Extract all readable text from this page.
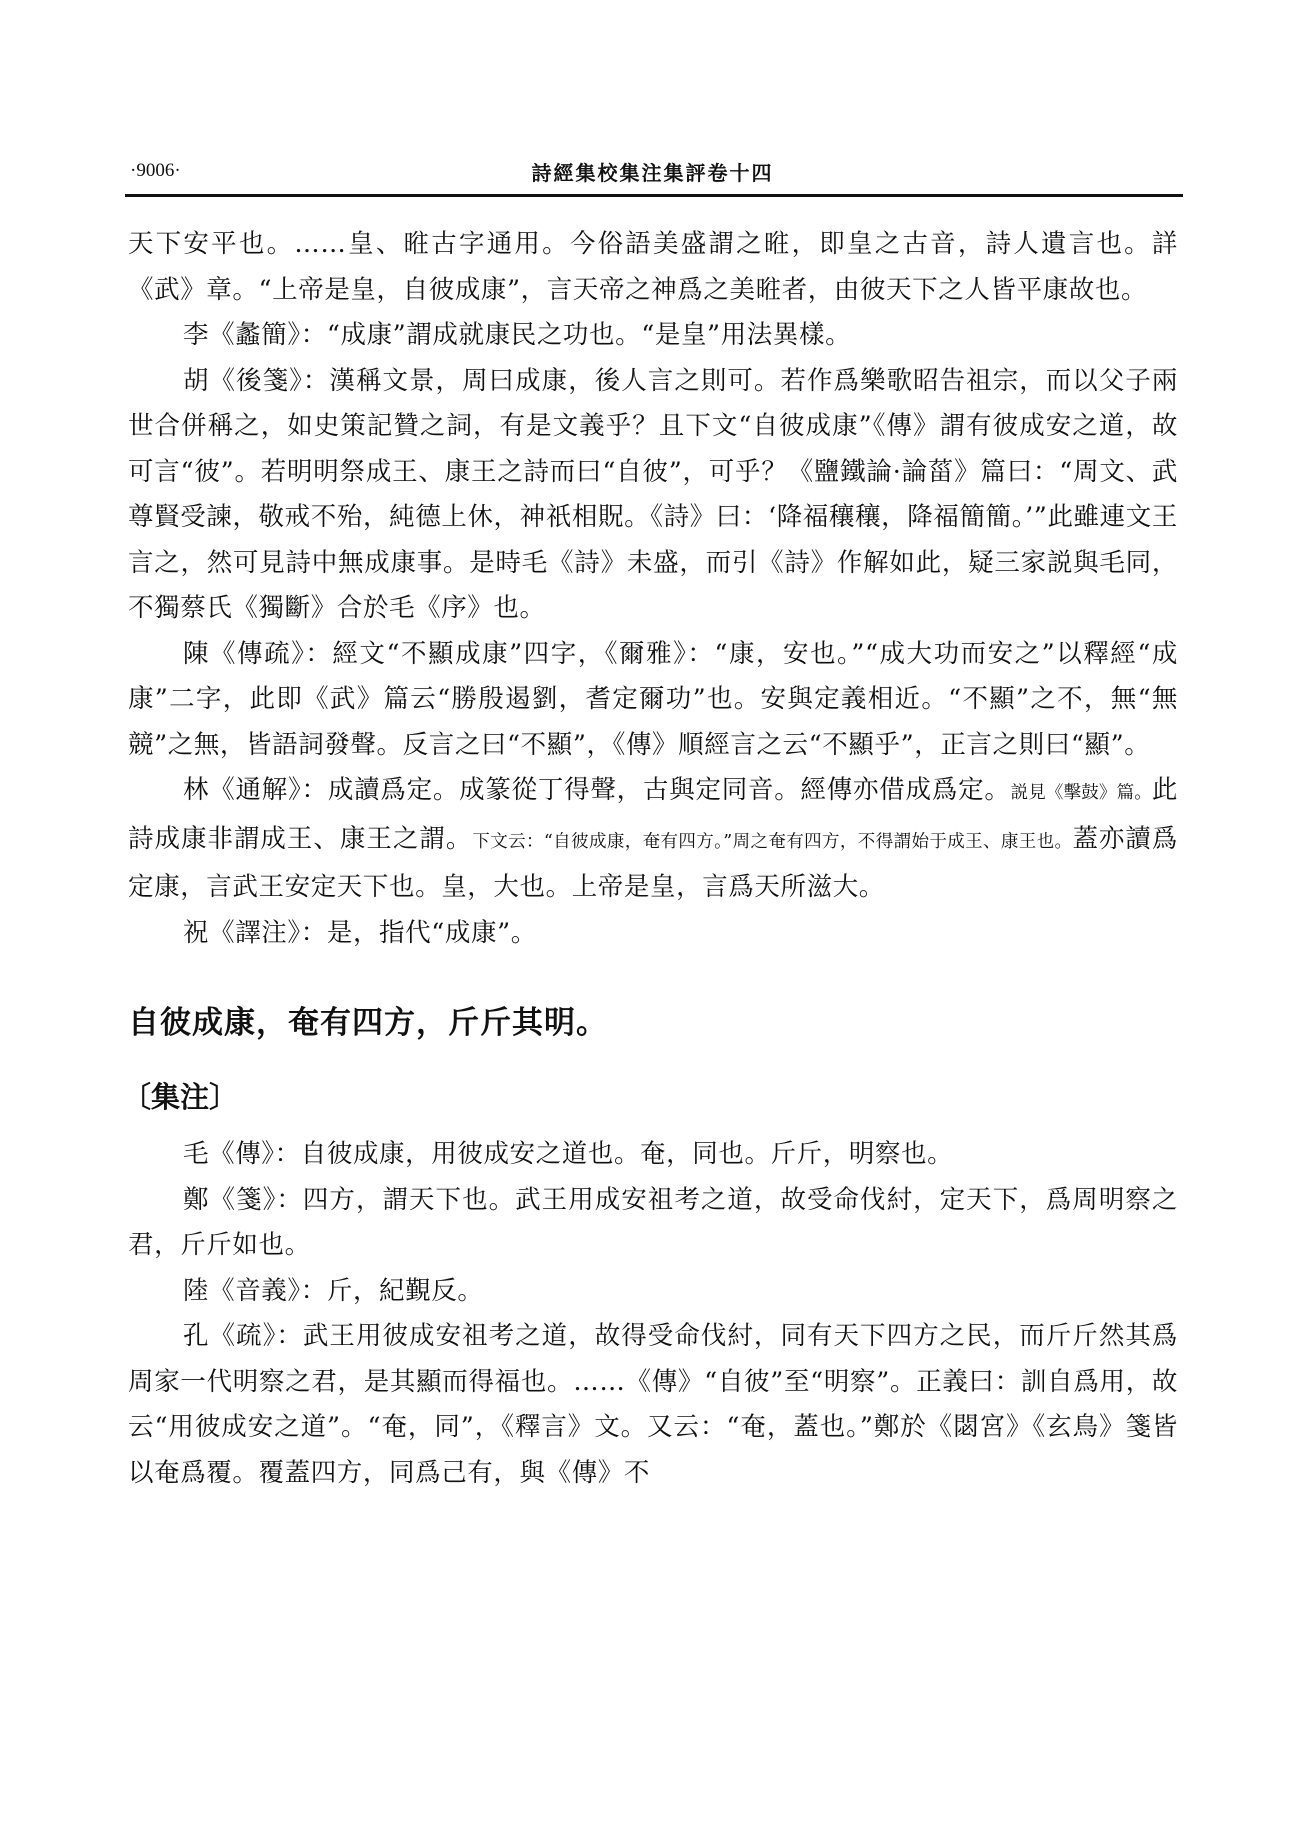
·9006·	詩經集校集注集評卷十四

天下安平也。……皇、暀古字通用。今俗語美盛謂之暀，即皇之古音，詩人遺言也。詳《武》章。“上帝是皇，自彼成康”，言天帝之神爲之美暀者，由彼天下之人皆平康故也。

李《蠡簡》：“成康”謂成就康民之功也。“是皇”用法異樣。

胡《後箋》：漢稱文景，周曰成康，後人言之則可。若作爲樂歌昭告祖宗，而以父子兩世合併稱之，如史策記贊之詞，有是文義乎？且下文“自彼成康”《傳》謂有彼成安之道，故可言“彼”。若明明祭成王、康王之詩而曰“自彼”，可乎？《鹽鐵論·論菑》篇曰：“周文、武尊賢受諫，敬戒不殆，純德上休，神祇相貺。《詩》曰：‘降福穰穰，降福簡簡。’”此雖連文王言之，然可見詩中無成康事。是時毛《詩》未盛，而引《詩》作解如此，疑三家説與毛同，不獨蔡氏《獨斷》合於毛《序》也。

陳《傳疏》：經文“不顯成康”四字，《爾雅》：“康，安也。”“成大功而安之”以釋經“成康”二字，此即《武》篇云“勝殷遏劉，耆定爾功”也。安與定義相近。“不顯”之不，無“無競”之無，皆語詞發聲。反言之曰“不顯”，《傳》順經言之云“不顯乎”，正言之則曰“顯”。

林《通解》：成讀爲定。成篆從丁得聲，古與定同音。經傳亦借成爲定。説見《擊鼓》篇。此詩成康非謂成王、康王之謂。下文云：“自彼成康，奄有四方。”周之奄有四方，不得謂始于成王、康王也。蓋亦讀爲定康，言武王安定天下也。皇，大也。上帝是皇，言爲天所滋大。

祝《譯注》：是，指代“成康”。

自彼成康，奄有四方，斤斤其明。
〔集注〕

毛《傳》：自彼成康，用彼成安之道也。奄，同也。斤斤，明察也。

鄭《箋》：四方，謂天下也。武王用成安祖考之道，故受命伐紂，定天下，爲周明察之君，斤斤如也。

陸《音義》：斤，紀覲反。

孔《疏》：武王用彼成安祖考之道，故得受命伐紂，同有天下四方之民，而斤斤然其爲周家一代明察之君，是其顯而得福也。……《傳》“自彼”至“明察”。正義曰：訓自爲用，故云“用彼成安之道”。“奄，同”，《釋言》文。又云：“奄，蓋也。”鄭於《閟宮》《玄鳥》箋皆以奄爲覆。覆蓋四方，同爲己有，與《傳》不
